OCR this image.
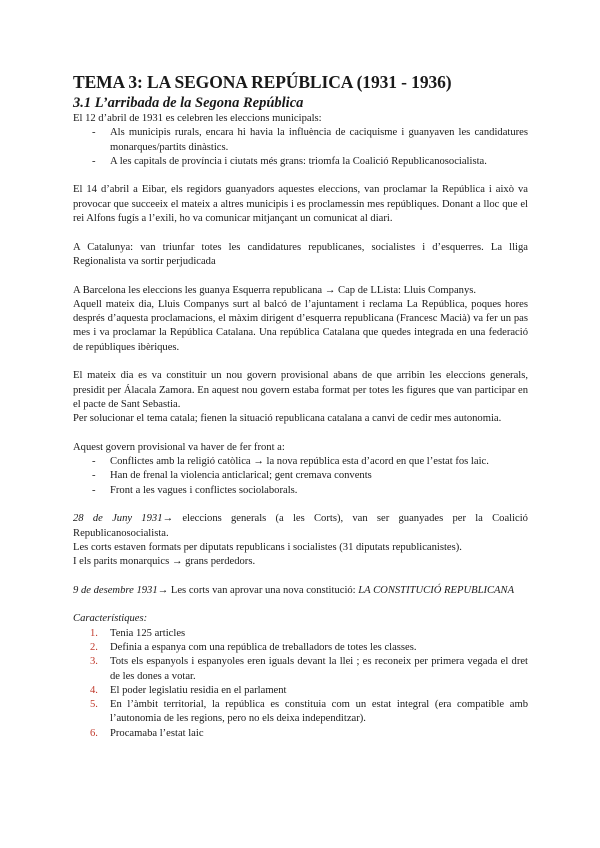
TEMA 3: LA SEGONA REPÚBLICA (1931 - 1936)
3.1 L’arribada de la Segona República

El 12 d’abril de 1931 es celebren les eleccions municipals:

- Als municipis rurals, encara hi havia la influència de caciquisme i guanyaven les candidatures monarques/partits dinàstics.
- A les capitals de província i ciutats més grans: triomfa la Coalició Republicanosocialista.

El 14 d’abril a Eibar, els regidors guanyadors aquestes eleccions, van proclamar la República i això va provocar que succeeix el mateix a altres municipis i es proclamessin mes repúbliques. Donant a lloc que el rei Alfons fugís a l’exili, ho va comunicar mitjançant un comunicat al diari.

A Catalunya: van triunfar totes les candidatures republicanes, socialistes i d’esquerres. La lliga Regionalista va sortir perjudicada

A Barcelona les eleccions les guanya Esquerra republicana → Cap de LLista: Lluis Companys.

Aquell mateix dia, Lluis Companys surt al balcó de l’ajuntament i reclama La República, poques hores després d’aquesta proclamacions, el màxim dirigent d’esquerra republicana (Francesc Macià) va fer un pas mes i va proclamar la República Catalana. Una república Catalana que quedes integrada en una federació de repúbliques ibèriques.

El mateix dia es va constituir un nou govern provisional abans de que arribin les eleccions generals, presidit per Álacala Zamora. En aquest nou govern estaba format per totes les figures que van participar en el pacte de Sant Sebastia.

Per solucionar el tema catala; fienen la situació republicana catalana a canvi de cedir mes autonomia.

Aquest govern provisional va haver de fer front a:

- Conflictes amb la religió catòlica → la nova república esta d’acord en que l’estat fos laic.
- Han de frenal la violencia anticlarical; gent cremava convents
- Front a les vagues i conflictes sociolaborals.

28 de Juny 1931→ eleccions generals (a les Corts), van ser guanyades per la Coalició Republicanosocialista.

Les corts estaven formats per diputats republicans i socialistes (31 diputats republicanistes).

I els parits monarquics → grans perdedors.

9 de desembre 1931→ Les corts van aprovar una nova constitució: LA CONSTITUCIÓ REPUBLICANA

Característiques:

1. Tenia 125 articles
2. Definia a espanya com una república de treballadors de totes les classes.
3. Tots els espanyols i espanyoles eren iguals devant la llei ; es reconeix per primera vegada el dret de les dones a votar.
4. El poder legislatiu residia en el parlament
5. En l’àmbit territorial, la república es constituia com un estat integral (era compatible amb l’autonomia de les regions, pero no els deixa independitzar).
6. Procamaba l’estat laic
